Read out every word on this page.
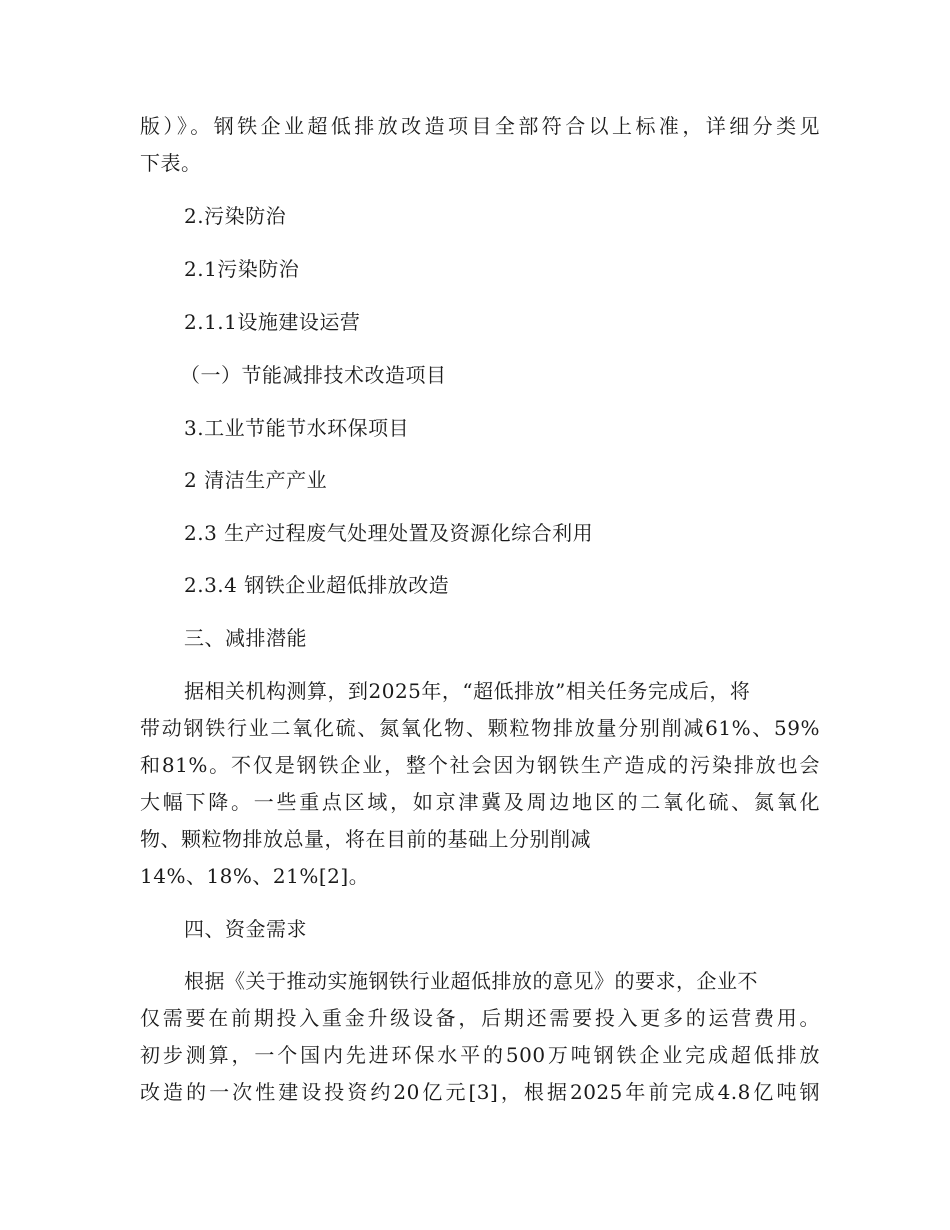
版）》。钢铁企业超低排放改造项目全部符合以上标准，详细分类见
下表。
2.污染防治
2.1污染防治
2.1.1设施建设运营
（一）节能减排技术改造项目
3.工业节能节水环保项目
2 清洁生产产业
2.3 生产过程废气处理处置及资源化综合利用
2.3.4 钢铁企业超低排放改造
三、减排潜能
据相关机构测算，到2025年，“超低排放”相关任务完成后，将
带动钢铁行业二氧化硫、氮氧化物、颗粒物排放量分别削减61%、59%
和81%。不仅是钢铁企业，整个社会因为钢铁生产造成的污染排放也会
大幅下降。一些重点区域，如京津冀及周边地区的二氧化硫、氮氧化
物、颗粒物排放总量，将在目前的基础上分别削减
14%、18%、21%[2]。
四、资金需求
根据《关于推动实施钢铁行业超低排放的意见》的要求，企业不
仅需要在前期投入重金升级设备，后期还需要投入更多的运营费用。
初步测算，一个国内先进环保水平的500万吨钢铁企业完成超低排放
改造的一次性建设投资约20亿元[3]，根据2025年前完成4.8亿吨钢
